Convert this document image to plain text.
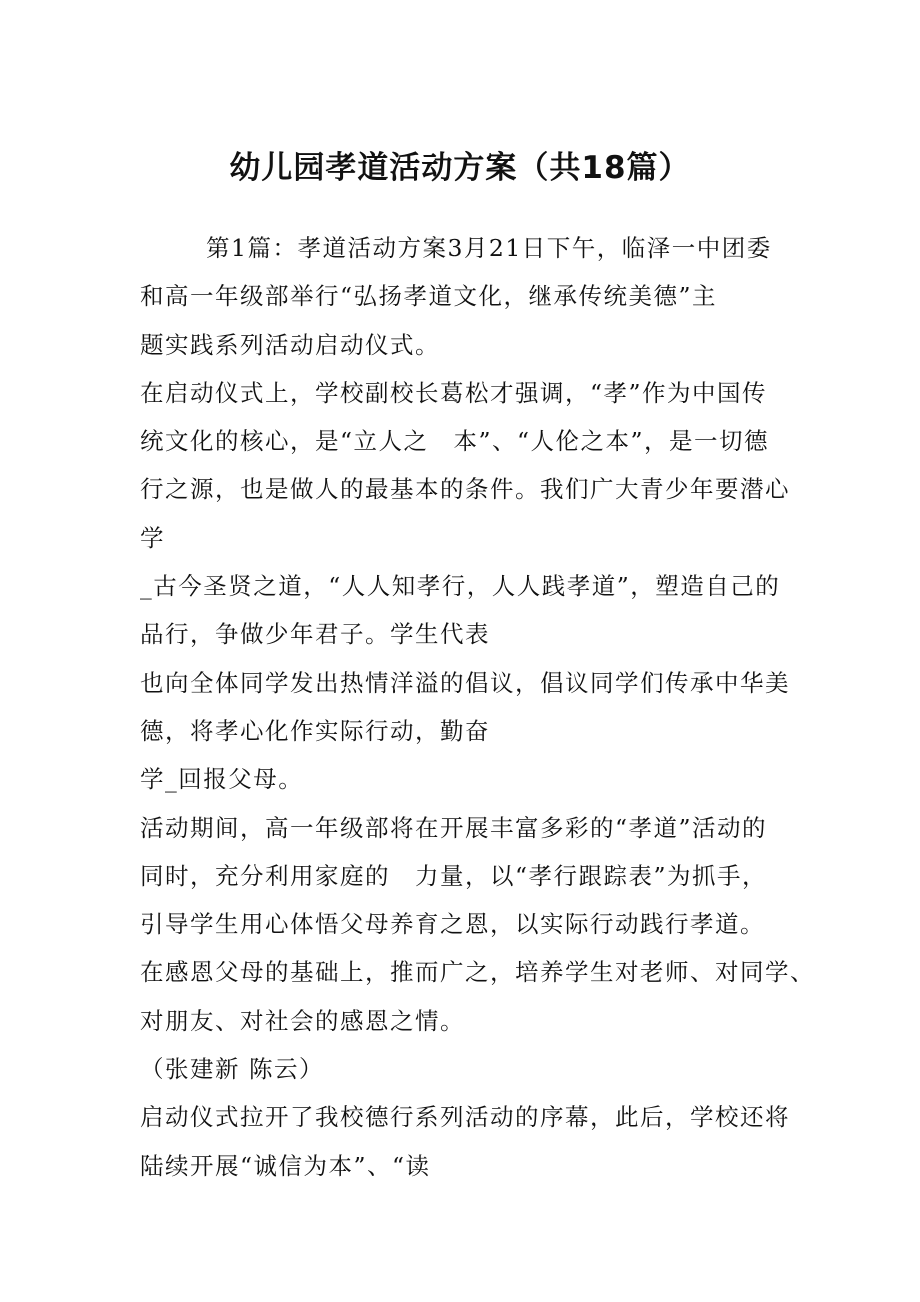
幼儿园孝道活动方案（共18篇）
第1篇：孝道活动方案3月21日下午，临泽一中团委
和高一年级部举行“弘扬孝道文化，继承传统美德”主
题实践系列活动启动仪式。
在启动仪式上，学校副校长葛松才强调，“孝”作为中国传
统文化的核心，是“立人之　本”、“人伦之本”，是一切德
行之源，也是做人的最基本的条件。我们广大青少年要潜心
学
_古今圣贤之道，“人人知孝行，人人践孝道”，塑造自己的
品行，争做少年君子。学生代表
也向全体同学发出热情洋溢的倡议，倡议同学们传承中华美
德，将孝心化作实际行动，勤奋
学_回报父母。
活动期间，高一年级部将在开展丰富多彩的“孝道”活动的
同时，充分利用家庭的　力量，以“孝行跟踪表”为抓手，
引导学生用心体悟父母养育之恩，以实际行动践行孝道。
在感恩父母的基础上，推而广之，培养学生对老师、对同学、
对朋友、对社会的感恩之情。
（张建新 陈云）
启动仪式拉开了我校德行系列活动的序幕，此后，学校还将
陆续开展“诚信为本”、“读
